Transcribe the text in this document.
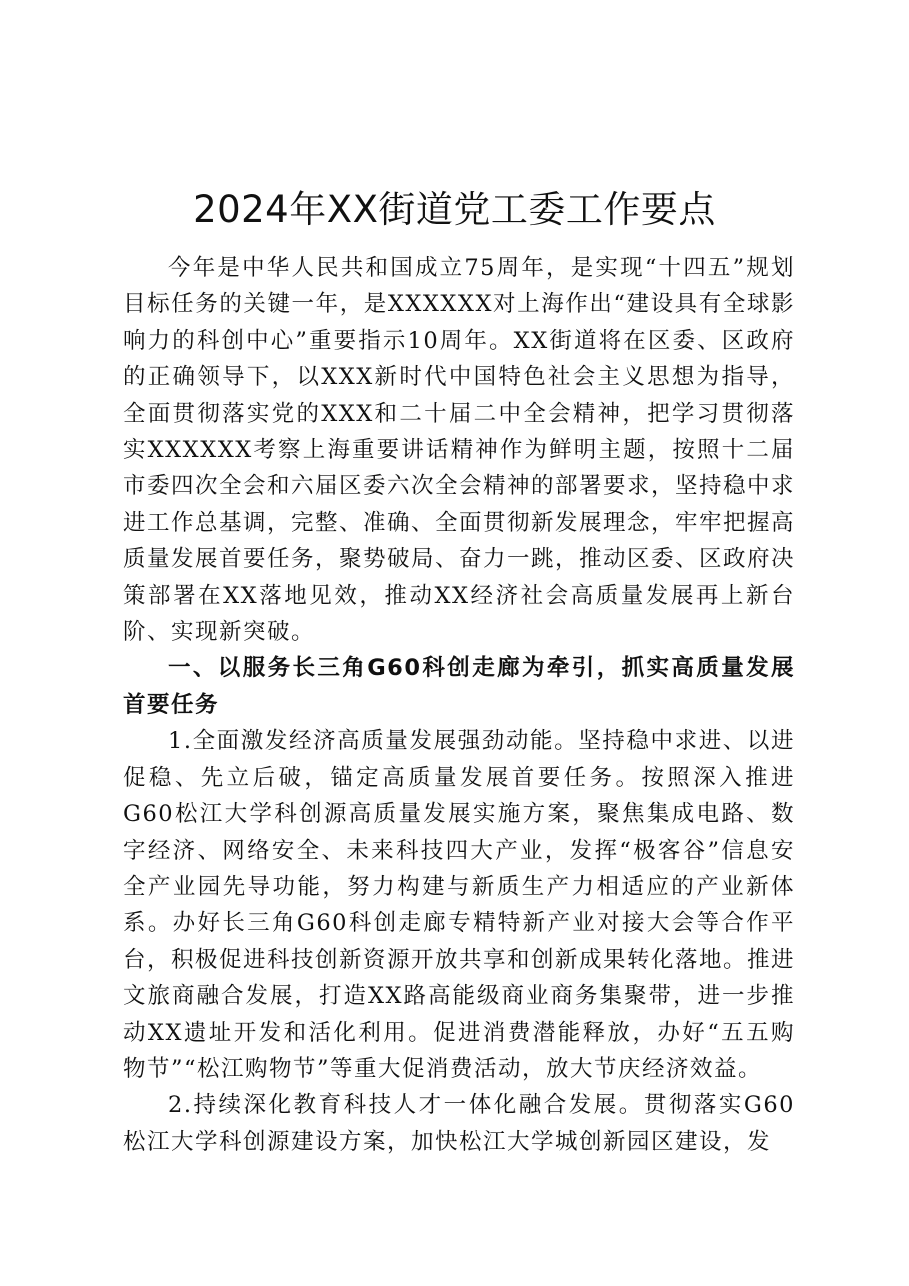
2024年XX街道党工委工作要点

今年是中华人民共和国成立75周年，是实现“十四五”规划目标任务的关键一年，是XXXXXX对上海作出“建设具有全球影响力的科创中心”重要指示10周年。XX街道将在区委、区政府的正确领导下，以XXX新时代中国特色社会主义思想为指导，全面贯彻落实党的XXX和二十届二中全会精神，把学习贯彻落实XXXXXX考察上海重要讲话精神作为鲜明主题，按照十二届市委四次全会和六届区委六次全会精神的部署要求，坚持稳中求进工作总基调，完整、准确、全面贯彻新发展理念，牢牢把握高质量发展首要任务，聚势破局、奋力一跳，推动区委、区政府决策部署在XX落地见效，推动XX经济社会高质量发展再上新台阶、实现新突破。

一、以服务长三角G60科创走廊为牵引，抓实高质量发展首要任务

1.全面激发经济高质量发展强劲动能。坚持稳中求进、以进促稳、先立后破，锚定高质量发展首要任务。按照深入推进G60松江大学科创源高质量发展实施方案，聚焦集成电路、数字经济、网络安全、未来科技四大产业，发挥“极客谷”信息安全产业园先导功能，努力构建与新质生产力相适应的产业新体系。办好长三角G60科创走廊专精特新产业对接大会等合作平台，积极促进科技创新资源开放共享和创新成果转化落地。推进文旅商融合发展，打造XX路高能级商业商务集聚带，进一步推动XX遗址开发和活化利用。促进消费潜能释放，办好“五五购物节”“松江购物节”等重大促消费活动，放大节庆经济效益。

2.持续深化教育科技人才一体化融合发展。贯彻落实G60松江大学科创源建设方案，加快松江大学城创新园区建设，发
